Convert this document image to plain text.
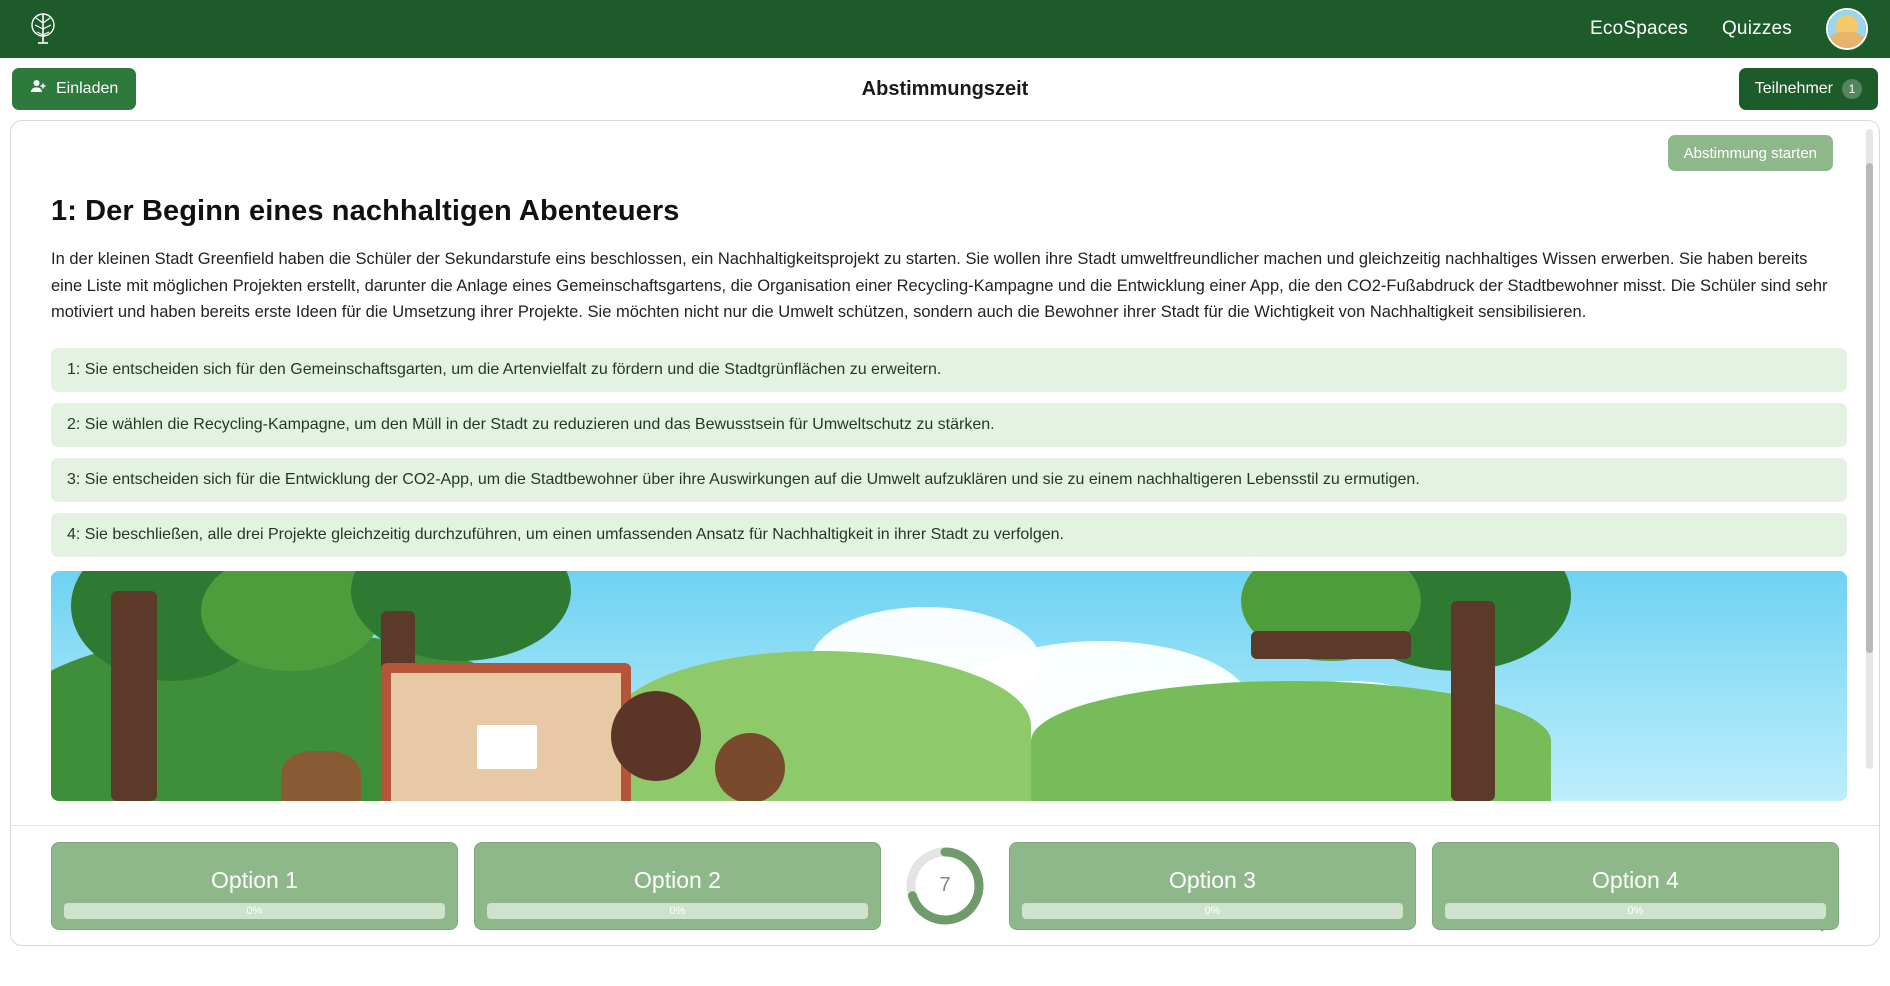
EcoSpaces Quizzes
Einladen	Abstimmungszeit	Teilnehmer	1
Abstimmung starten
1: Der Beginn eines nachhaltigen Abenteuers

In der kleinen Stadt Greenfield haben die Schüler der Sekundarstufe eins beschlossen, ein Nachhaltigkeitsprojekt zu starten. Sie wollen ihre Stadt umweltfreundlicher machen und gleichzeitig nachhaltiges Wissen erwerben. Sie haben bereits eine Liste mit möglichen Projekten erstellt, darunter die Anlage eines Gemeinschaftsgartens, die Organisation einer Recycling-Kampagne und die Entwicklung einer App, die den CO2-Fußabdruck der Stadtbewohner misst. Die Schüler sind sehr motiviert und haben bereits erste Ideen für die Umsetzung ihrer Projekte. Sie möchten nicht nur die Umwelt schützen, sondern auch die Bewohner ihrer Stadt für die Wichtigkeit von Nachhaltigkeit sensibilisieren.

1: Sie entscheiden sich für den Gemeinschaftsgarten, um die Artenvielfalt zu fördern und die Stadtgrünflächen zu erweitern.
2: Sie wählen die Recycling-Kampagne, um den Müll in der Stadt zu reduzieren und das Bewusstsein für Umweltschutz zu stärken.
3: Sie entscheiden sich für die Entwicklung der CO2-App, um die Stadtbewohner über ihre Auswirkungen auf die Umwelt aufzuklären und sie zu einem nachhaltigeren Lebensstil zu ermutigen.
4: Sie beschließen, alle drei Projekte gleichzeitig durchzuführen, um einen umfassenden Ansatz für Nachhaltigkeit in ihrer Stadt zu verfolgen.
Option 1
0%
Option 2
0%
7	Option 3
0%
Option 4
0%
